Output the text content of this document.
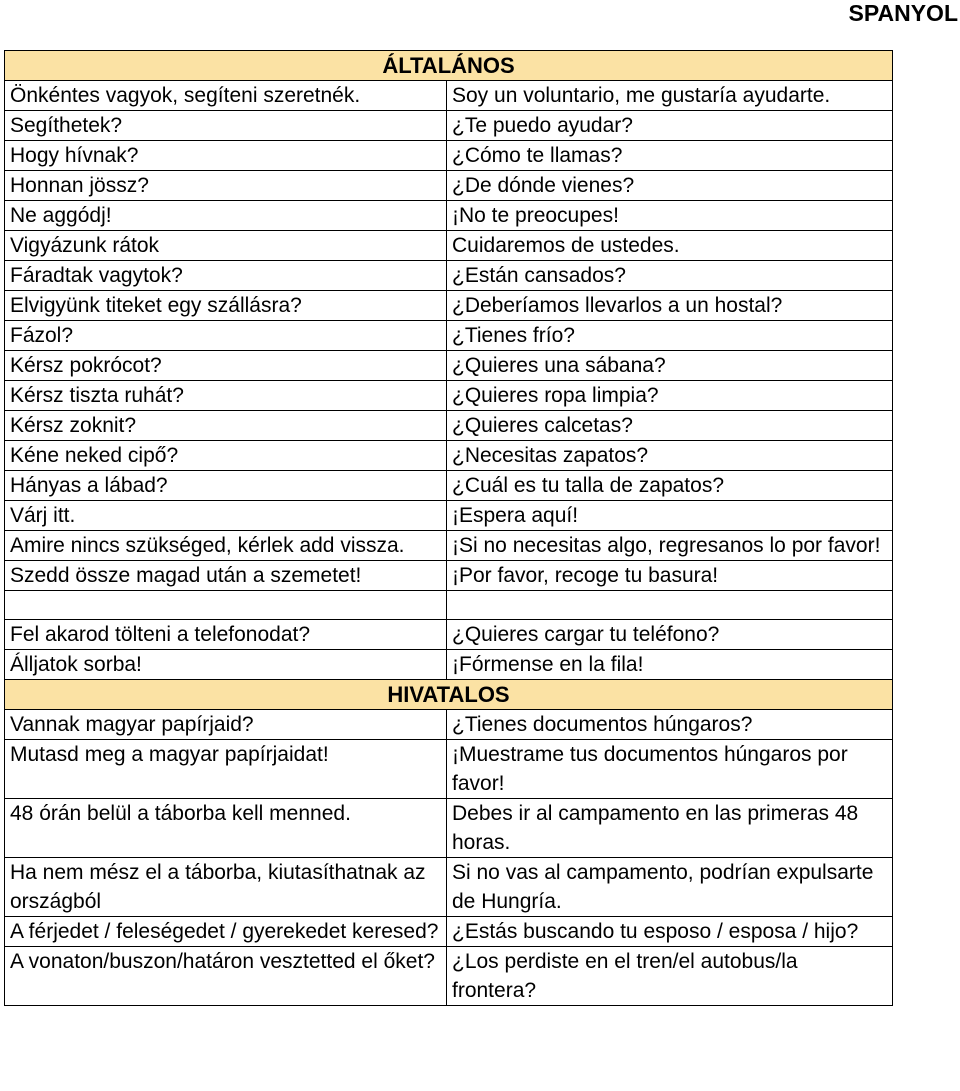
SPANYOL
ÁLTALÁNOS	
Önkéntes vagyok, segíteni szeretnék.	Soy un voluntario, me gustaría ayudarte.
Segíthetek?	¿Te puedo ayudar?
Hogy hívnak?	¿Cómo te llamas?
Honnan jössz?	¿De dónde vienes?
Ne aggódj!	¡No te preocupes!
Vigyázunk rátok	Cuidaremos de ustedes.
Fáradtak vagytok?	¿Están cansados?
Elvigyünk titeket egy szállásra?	¿Deberíamos llevarlos a un hostal?
Fázol?	¿Tienes frío?
Kérsz pokrócot?	¿Quieres una sábana?
Kérsz tiszta ruhát?	¿Quieres ropa limpia?
Kérsz zoknit?	¿Quieres calcetas?
Kéne neked cipő?	¿Necesitas zapatos?
Hányas a lábad?	¿Cuál es tu talla de zapatos?
Várj itt.	¡Espera aquí!
Amire nincs szükséged, kérlek add vissza.	¡Si no necesitas algo, regresanos lo por favor!
Szedd össze magad után a szemetet!	¡Por favor, recoge tu basura!

Fel akarod tölteni a telefonodat?	¿Quieres cargar tu teléfono?
Álljatok sorba!	¡Fórmense en la fila!
HIVATALOS	
Vannak magyar papírjaid?	¿Tienes documentos húngaros?
Mutasd meg a magyar papírjaidat!	¡Muestrame tus documentos húngaros por favor!
48 órán belül a táborba kell menned.	Debes ir al campamento en las primeras 48 horas.
Ha nem mész el a táborba, kiutasíthatnak az országból	Si no vas al campamento, podrían expulsarte de Hungría.
A férjedet / feleségedet / gyerekedet keresed?	¿Estás buscando tu esposo / esposa / hijo?
A vonaton/buszon/határon vesztetted el őket?	¿Los perdiste en el tren/el autobus/la frontera?
